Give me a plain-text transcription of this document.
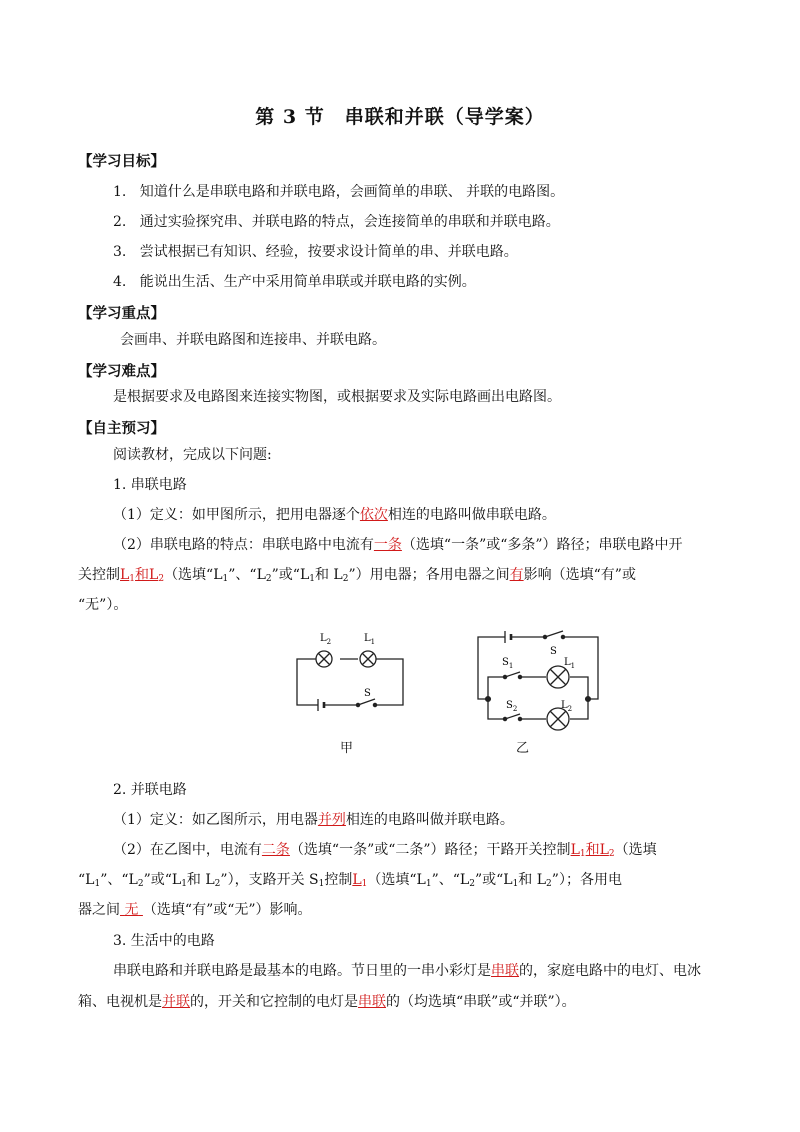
第 3 节　串联和并联（导学案）
【学习目标】
1. 知道什么是串联电路和并联电路，会画简单的串联、 并联的电路图。
2. 通过实验探究串、并联电路的特点，会连接简单的串联和并联电路。
3. 尝试根据已有知识、经验，按要求设计简单的串、并联电路。
4. 能说出生活、生产中采用简单串联或并联电路的实例。
【学习重点】
会画串、并联电路图和连接串、并联电路。
【学习难点】
是根据要求及电路图来连接实物图，或根据要求及实际电路画出电路图。
【自主预习】
阅读教材，完成以下问题:
1. 串联电路
（1）定义：如甲图所示，把用电器逐个依次相连的电路叫做串联电路。
（2）串联电路的特点：串联电路中电流有一条（选填“一条”或“多条”）路径；串联电路中开
关控制$L_1$和$L_2$（选填“$L_1$”、“$L_2$”或“$L_1$和 $L_2$”）用电器；各用电器之间有影响（选填“有”或
“无”）。
$L_2$	$L_1$
S
S
$S_1$	$L_1$
$S_2$	$L_2$
甲	乙
2. 并联电路
（1）定义：如乙图所示，用电器并列相连的电路叫做并联电路。
（2）在乙图中，电流有二条（选填“一条”或“二条”）路径；干路开关控制$L_1$和$L_2$（选填
“$L_1$”、“$L_2$”或“$L_1$和 $L_2$”），支路开关 $S_1$控制$L_1$（选填“$L_1$”、“$L_2$”或“$L_1$和 $L_2$”）；各用电
器之间 无 （选填“有”或“无”）影响。
3. 生活中的电路
串联电路和并联电路是最基本的电路。节日里的一串小彩灯是串联的，家庭电路中的电灯、电冰
箱、电视机是并联的，开关和它控制的电灯是串联的（均选填“串联”或“并联”）。
